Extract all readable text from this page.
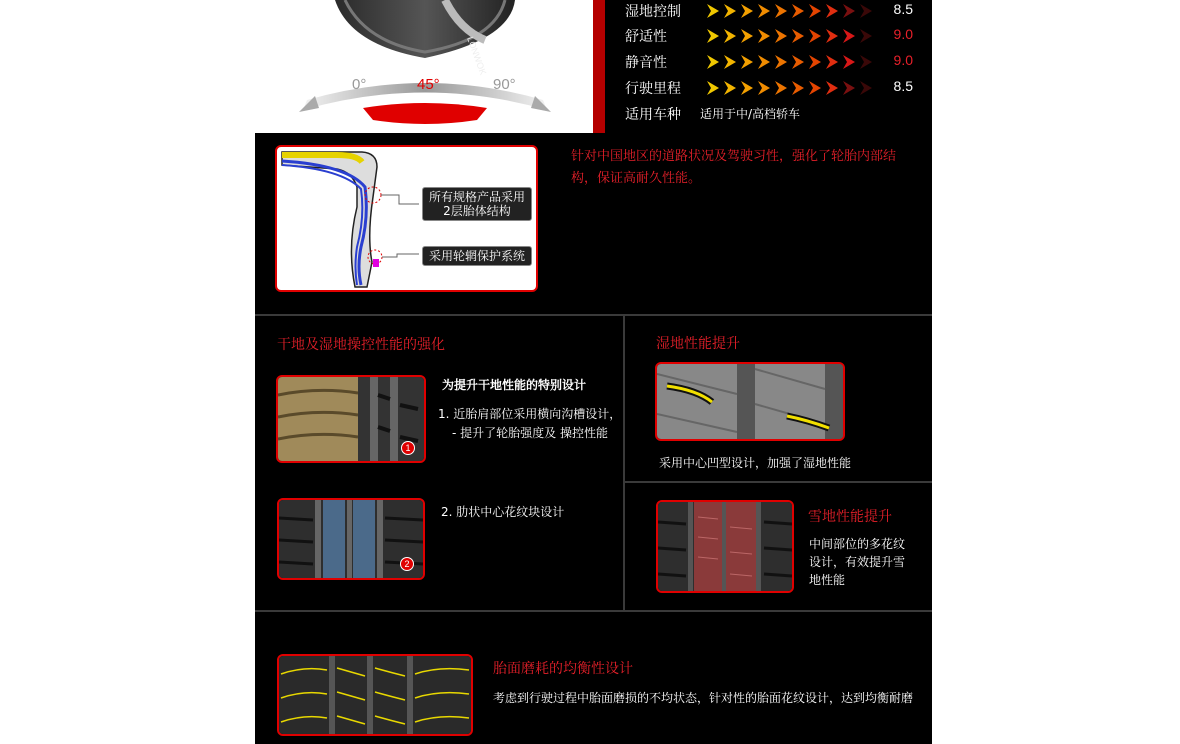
LONWOK
0°	45°	90°
湿地控制	8.5
舒适性	9.0
静音性	9.0
行驶里程	8.5
适用车种 适用于中/高档轿车
所有规格产品采用
2层胎体结构
采用轮辋保护系统
针对中国地区的道路状况及驾驶习性，强化了轮胎内部结构，保证高耐久性能。
干地及湿地操控性能的强化
1
为提升干地性能的特别设计
1. 近胎肩部位采用横向沟槽设计，
- 提升了轮胎强度及 操控性能
2
2. 肋状中心花纹块设计
湿地性能提升
采用中心凹型设计，加强了湿地性能
雪地性能提升
中间部位的多花纹
设计，有效提升雪
地性能
胎面磨耗的均衡性设计
考虑到行驶过程中胎面磨损的不均状态，针对性的胎面花纹设计，达到均衡耐磨
